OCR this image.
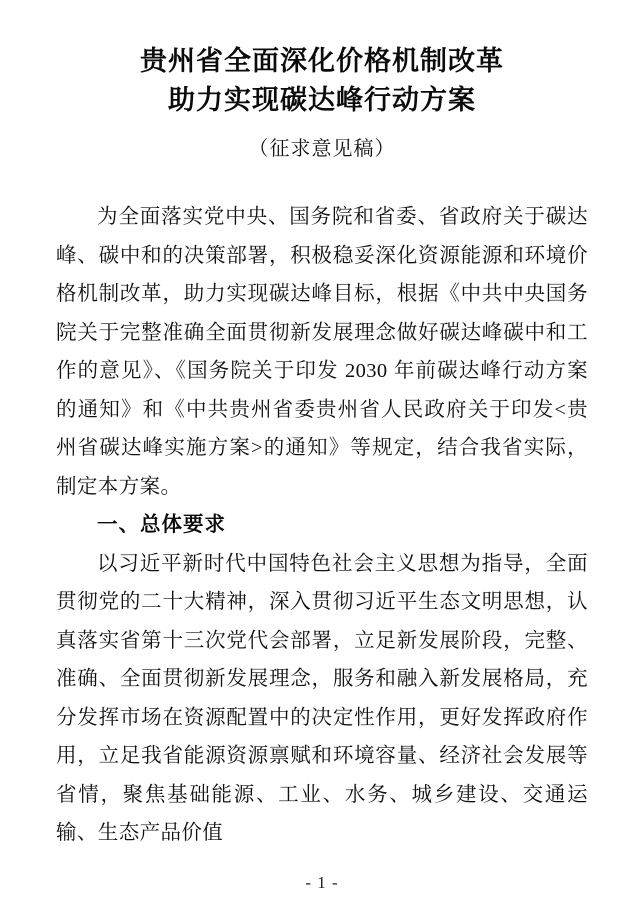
贵州省全面深化价格机制改革
助力实现碳达峰行动方案
（征求意见稿）

为全面落实党中央、国务院和省委、省政府关于碳达峰、碳中和的决策部署，积极稳妥深化资源能源和环境价格机制改革，助力实现碳达峰目标，根据《中共中央国务院关于完整准确全面贯彻新发展理念做好碳达峰碳中和工作的意见》、《国务院关于印发 2030 年前碳达峰行动方案的通知》和《中共贵州省委贵州省人民政府关于印发<贵州省碳达峰实施方案>的通知》等规定，结合我省实际，制定本方案。

一、总体要求

以习近平新时代中国特色社会主义思想为指导，全面贯彻党的二十大精神，深入贯彻习近平生态文明思想，认真落实省第十三次党代会部署，立足新发展阶段，完整、准确、全面贯彻新发展理念，服务和融入新发展格局，充分发挥市场在资源配置中的决定性作用，更好发挥政府作用，立足我省能源资源禀赋和环境容量、经济社会发展等省情，聚焦基础能源、工业、水务、城乡建设、交通运输、生态产品价值

- 1 -
